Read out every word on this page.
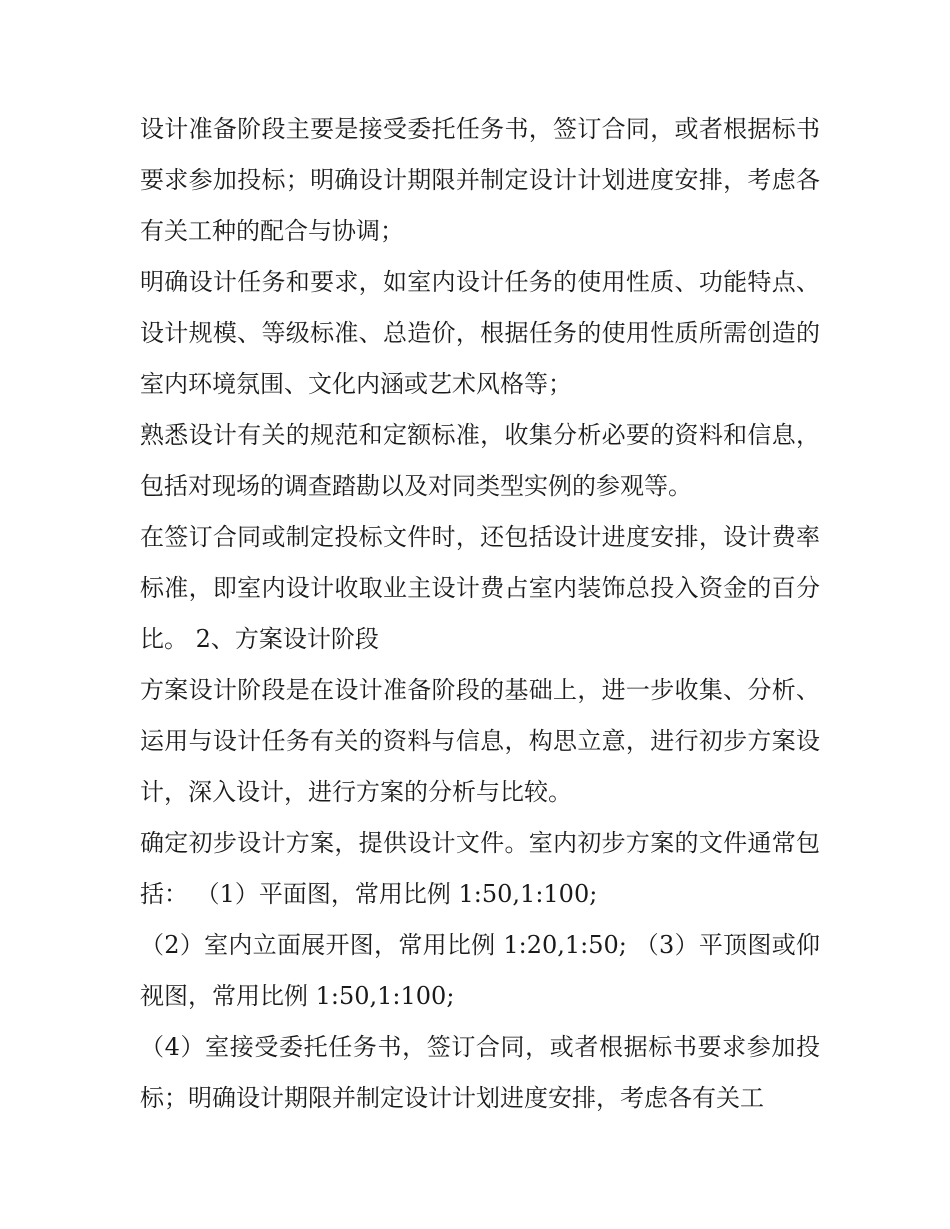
设计准备阶段主要是接受委托任务书，签订合同，或者根据标书要求参加投标；明确设计期限并制定设计计划进度安排，考虑各有关工种的配合与协调；

明确设计任务和要求，如室内设计任务的使用性质、功能特点、设计规模、等级标准、总造价，根据任务的使用性质所需创造的室内环境氛围、文化内涵或艺术风格等；

熟悉设计有关的规范和定额标准，收集分析必要的资料和信息，包括对现场的调查踏勘以及对同类型实例的参观等。

在签订合同或制定投标文件时，还包括设计进度安排，设计费率标准，即室内设计收取业主设计费占室内装饰总投入资金的百分比。 2、方案设计阶段

方案设计阶段是在设计准备阶段的基础上，进一步收集、分析、运用与设计任务有关的资料与信息，构思立意，进行初步方案设计，深入设计，进行方案的分析与比较。

确定初步设计方案，提供设计文件。室内初步方案的文件通常包括： （1）平面图，常用比例 1:50,1:100;

（2）室内立面展开图，常用比例 1:20,1:50; （3）平顶图或仰视图，常用比例 1:50,1:100;

（4）室接受委托任务书，签订合同，或者根据标书要求参加投标；明确设计期限并制定设计计划进度安排，考虑各有关工
